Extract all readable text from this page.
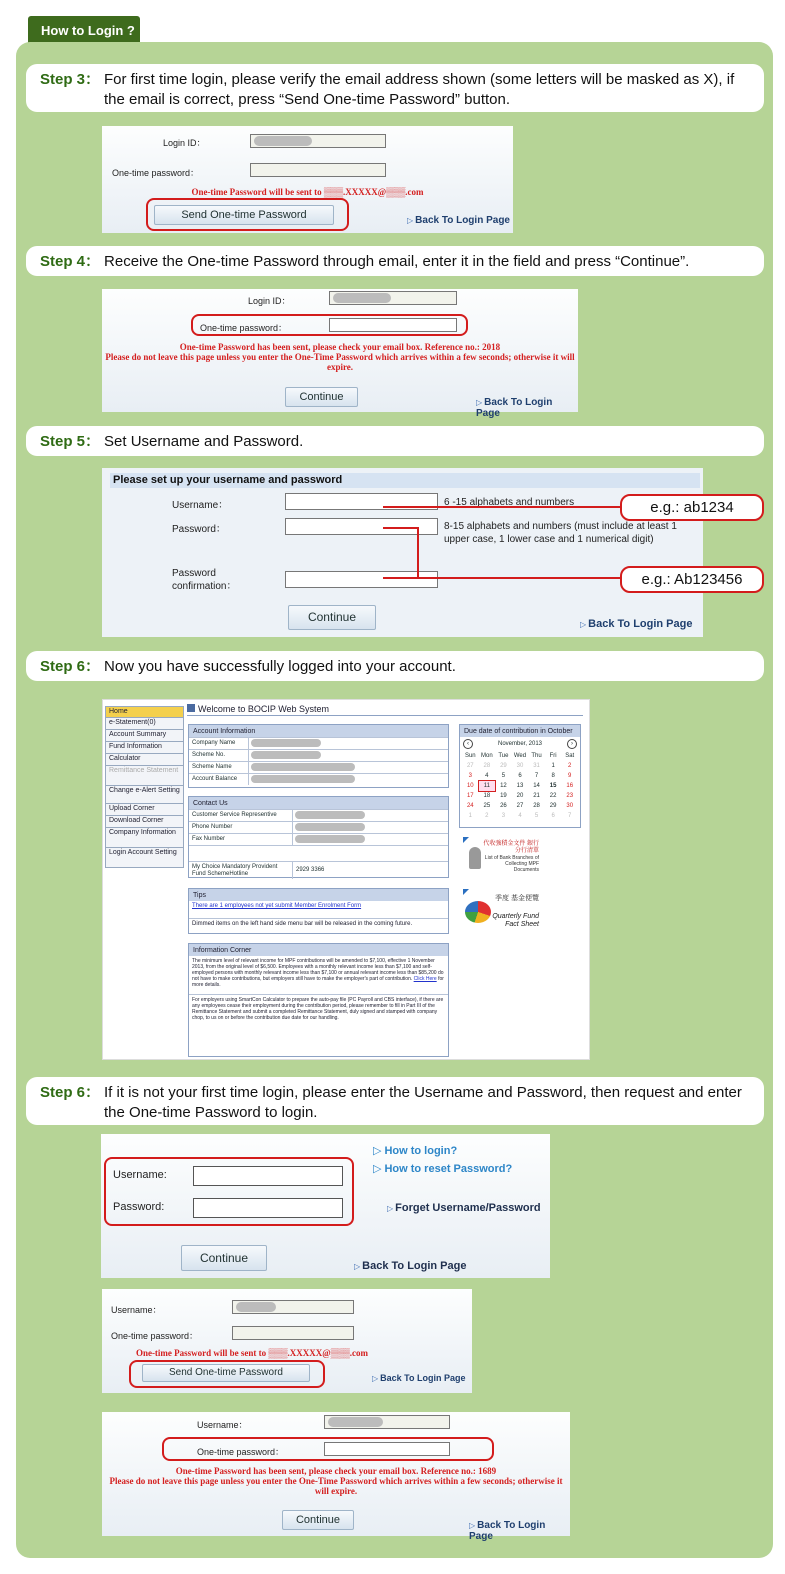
How to Login ?
Step 3： For first time login, please verify the email address shown (some letters will be masked as X), if the email is correct, press “Send One-time Password” button.
Login ID：
One-time password：
One-time Password will be sent to ▒▒▒.XXXXX@▒▒▒.com
Send One-time Password	▷ Back To Login Page
Step 4： Receive the One-time Password through email, enter it in the field and press “Continue”.
Login ID：
One-time password：
One-time Password has been sent, please check your email box. Reference no.: 2018
Please do not leave this page unless you enter the One-Time Password which arrives within a few seconds; otherwise it will expire.
Continue	▷ Back To Login Page
Step 5： Set Username and Password.
Please set up your username and password
Username：	6 -15 alphabets and numbers
Password：	8-15 alphabets and numbers (must include at least 1 upper case, 1 lower case and 1 numerical digit)
Password confirmation：
Continue	▷ Back To Login Page
e.g.: ab1234
e.g.: Ab123456
Step 6： Now you have successfully logged into your account.
Home
e-Statement(0)
Account Summary
Fund Information
Calculator
Remittance Statement
Change e-Alert Setting
Upload Corner
Download Corner
Company Information
Login Account Setting
Welcome to BOCIP Web System
Account Information
Company Name
Scheme No.
Scheme Name
Account Balance
Contact Us
Customer Service Representive
Phone Number
Fax Number
My Choice Mandatory Provident Fund SchemeHotline
2929 3366
Tips
There are 1 employees not yet submit Member Enrolment Form
Dimmed items on the left hand side menu bar will be released in the coming future.
Information Corner
The minimum level of relevant income for MPF contributions will be amended to $7,100, effective 1 November 2013, from the original level of $6,500. Employees with a monthly relevant income less than $7,100 and self-employed persons with monthly relevant income less than $7,100 or annual relevant income less than $85,200 do not have to make contributions, but employers still have to make the employer's part of contribution. Click Here for more details.
For employers using SmartCon Calculator to prepare the auto-pay file (PC Payroll and CBS interface), if there are any employees cease their employment during the contribution period, please remember to fill in Part III of the Remittance Statement and submit a completed Remittance Statement, duly signed and stamped with company chop, to us on or before the contribution due date for our handling.
Due date of contribution in October
‹	November, 2013	›
Sun Mon Tue Wed Thu	Fri	Sat
27	28	29	30	31	1	2
3	4	5	6	7	8	9
10	11	12	13	14	15	16
17	18	19	20	21	22	23
24	25	26	27	28	29	30
1	2	3	4	5	6	7
代收強積金文件 銀行分行清單
List of Bank Branches of Collecting MPF Documents
季度 基金便覽
Quarterly Fund Fact Sheet
Step 6： If it is not your first time login, please enter the Username and Password, then request and enter the One-time Password to login.
Username:
Password:
▷ How to login?
▷ How to reset Password?
▷ Forget Username/Password
Continue
▷ Back To Login Page
Username：
One-time password：
One-time Password will be sent to ▒▒▒.XXXXX@▒▒▒.com
Send One-time Password	▷ Back To Login Page
Username：
One-time password：
One-time Password has been sent, please check your email box. Reference no.: 1689
Please do not leave this page unless you enter the One-Time Password which arrives within a few seconds; otherwise it will expire.
Continue	▷ Back To Login Page
